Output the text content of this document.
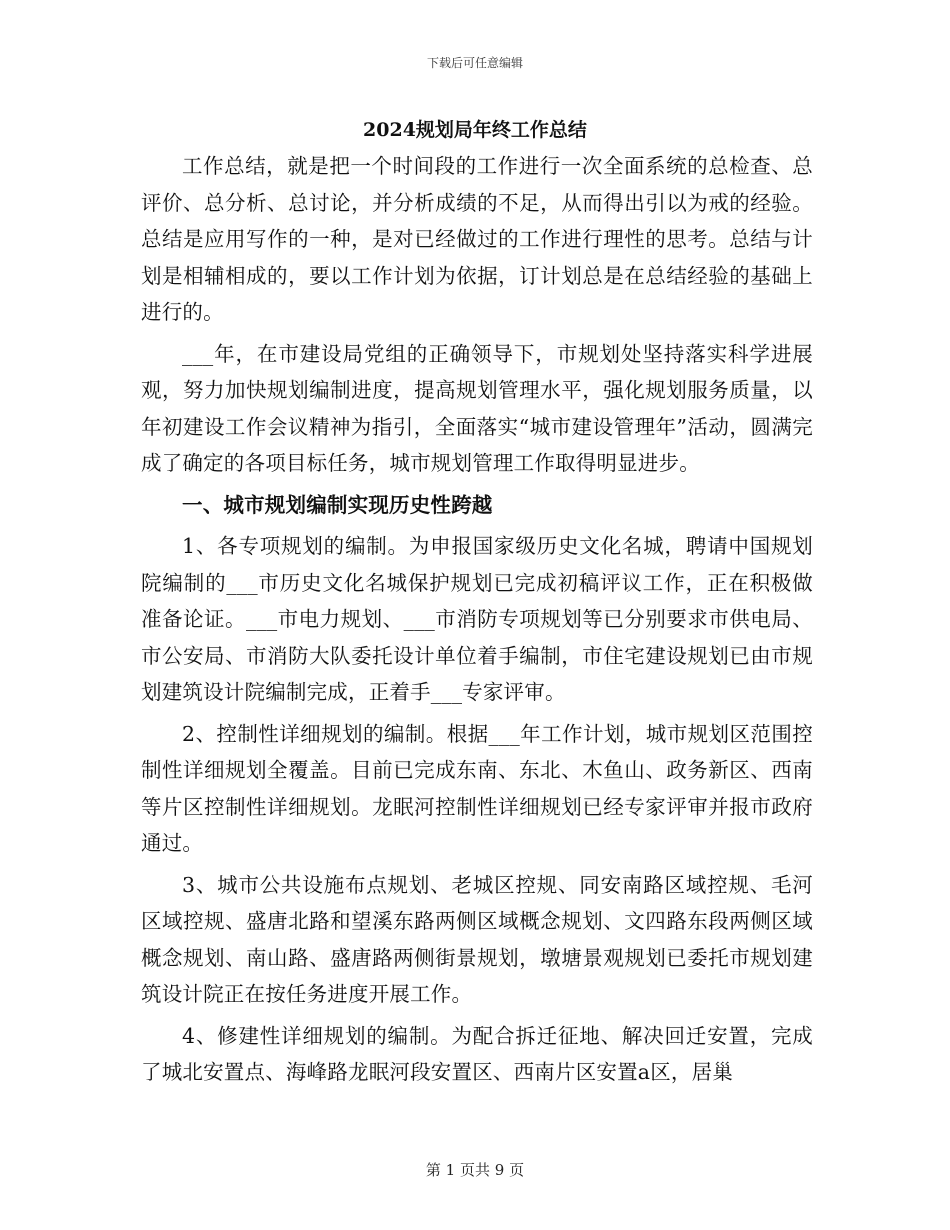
下载后可任意编辑
2024规划局年终工作总结

工作总结，就是把一个时间段的工作进行一次全面系统的总检查、总评价、总分析、总讨论，并分析成绩的不足，从而得出引以为戒的经验。总结是应用写作的一种，是对已经做过的工作进行理性的思考。总结与计划是相辅相成的，要以工作计划为依据，订计划总是在总结经验的基础上进行的。

___年，在市建设局党组的正确领导下，市规划处坚持落实科学进展观，努力加快规划编制进度，提高规划管理水平，强化规划服务质量，以年初建设工作会议精神为指引，全面落实“城市建设管理年”活动，圆满完成了确定的各项目标任务，城市规划管理工作取得明显进步。

一、城市规划编制实现历史性跨越

1、各专项规划的编制。为申报国家级历史文化名城，聘请中国规划院编制的___市历史文化名城保护规划已完成初稿评议工作，正在积极做准备论证。___市电力规划、___市消防专项规划等已分别要求市供电局、市公安局、市消防大队委托设计单位着手编制，市住宅建设规划已由市规划建筑设计院编制完成，正着手___专家评审。

2、控制性详细规划的编制。根据___年工作计划，城市规划区范围控制性详细规划全覆盖。目前已完成东南、东北、木鱼山、政务新区、西南等片区控制性详细规划。龙眠河控制性详细规划已经专家评审并报市政府通过。

3、城市公共设施布点规划、老城区控规、同安南路区域控规、毛河区域控规、盛唐北路和望溪东路两侧区域概念规划、文四路东段两侧区域概念规划、南山路、盛唐路两侧街景规划，墩塘景观规划已委托市规划建筑设计院正在按任务进度开展工作。

4、修建性详细规划的编制。为配合拆迁征地、解决回迁安置，完成了城北安置点、海峰路龙眠河段安置区、西南片区安置a区，居巢

第 1 页共 9 页
